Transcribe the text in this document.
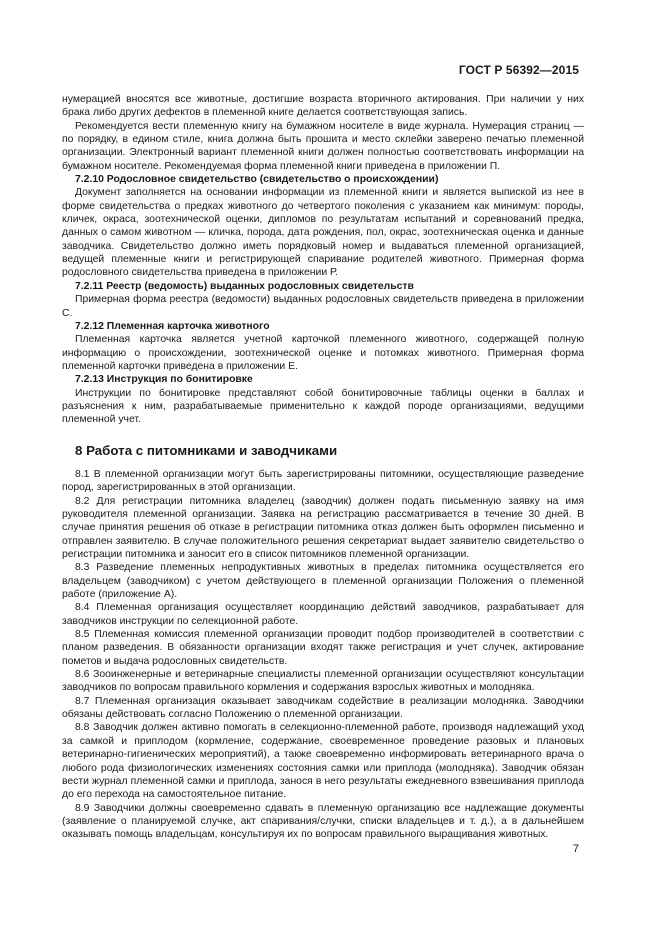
ГОСТ Р 56392—2015

нумерацией вносятся все животные, достигшие возраста вторичного актирования. При наличии у них брака либо других дефектов в племенной книге делается соответствующая запись.

Рекомендуется вести племенную книгу на бумажном носителе в виде журнала. Нумерация страниц — по порядку, в едином стиле, книга должна быть прошита и место склейки заверено печатью племенной организации. Электронный вариант племенной книги должен полностью соответствовать информации на бумажном носителе. Рекомендуемая форма племенной книги приведена в приложении П.

7.2.10 Родословное свидетельство (свидетельство о происхождении)

Документ заполняется на основании информации из племенной книги и является выпиской из нее в форме свидетельства о предках животного до четвертого поколения с указанием как минимум: породы, кличек, окраса, зоотехнической оценки, дипломов по результатам испытаний и соревнований предка, данных о самом животном — кличка, порода, дата рождения, пол, окрас, зоотехническая оценка и данные заводчика. Свидетельство должно иметь порядковый номер и выдаваться племенной организацией, ведущей племенные книги и регистрирующей спаривание родителей животного. Примерная форма родословного свидетельства приведена в приложении Р.

7.2.11 Реестр (ведомость) выданных родословных свидетельств

Примерная форма реестра (ведомости) выданных родословных свидетельств приведена в приложении С.

7.2.12 Племенная карточка животного

Племенная карточка является учетной карточкой племенного животного, содержащей полную информацию о происхождении, зоотехнической оценке и потомках животного. Примерная форма племенной карточки приведена в приложении Е.

7.2.13 Инструкция по бонитировке

Инструкции по бонитировке представляют собой бонитировочные таблицы оценки в баллах и разъяснения к ним, разрабатываемые применительно к каждой породе организациями, ведущими племенной учет.

8 Работа с питомниками и заводчиками

8.1 В племенной организации могут быть зарегистрированы питомники, осуществляющие разведение пород, зарегистрированных в этой организации.

8.2 Для регистрации питомника владелец (заводчик) должен подать письменную заявку на имя руководителя племенной организации. Заявка на регистрацию рассматривается в течение 30 дней. В случае принятия решения об отказе в регистрации питомника отказ должен быть оформлен письменно и отправлен заявителю. В случае положительного решения секретариат выдает заявителю свидетельство о регистрации питомника и заносит его в список питомников племенной организации.

8.3 Разведение племенных непродуктивных животных в пределах питомника осуществляется его владельцем (заводчиком) с учетом действующего в племенной организации Положения о племенной работе (приложение А).

8.4 Племенная организация осуществляет координацию действий заводчиков, разрабатывает для заводчиков инструкции по селекционной работе.

8.5 Племенная комиссия племенной организации проводит подбор производителей в соответствии с планом разведения. В обязанности организации входят также регистрация и учет случек, актирование пометов и выдача родословных свидетельств.

8.6 Зооинженерные и ветеринарные специалисты племенной организации осуществляют консультации заводчиков по вопросам правильного кормления и содержания взрослых животных и молодняка.

8.7 Племенная организация оказывает заводчикам содействие в реализации молодняка. Заводчики обязаны действовать согласно Положению о племенной организации.

8.8 Заводчик должен активно помогать в селекционно-племенной работе, производя надлежащий уход за самкой и приплодом (кормление, содержание, своевременное проведение разовых и плановых ветеринарно-гигиенических мероприятий), а также своевременно информировать ветеринарного врача о любого рода физиологических изменениях состояния самки или приплода (молодняка). Заводчик обязан вести журнал племенной самки и приплода, занося в него результаты ежедневного взвешивания приплода до его перехода на самостоятельное питание.

8.9 Заводчики должны своевременно сдавать в племенную организацию все надлежащие документы (заявление о планируемой случке, акт спаривания/случки, списки владельцев и т. д.), а в дальнейшем оказывать помощь владельцам, консультируя их по вопросам правильного выращивания животных.

7
